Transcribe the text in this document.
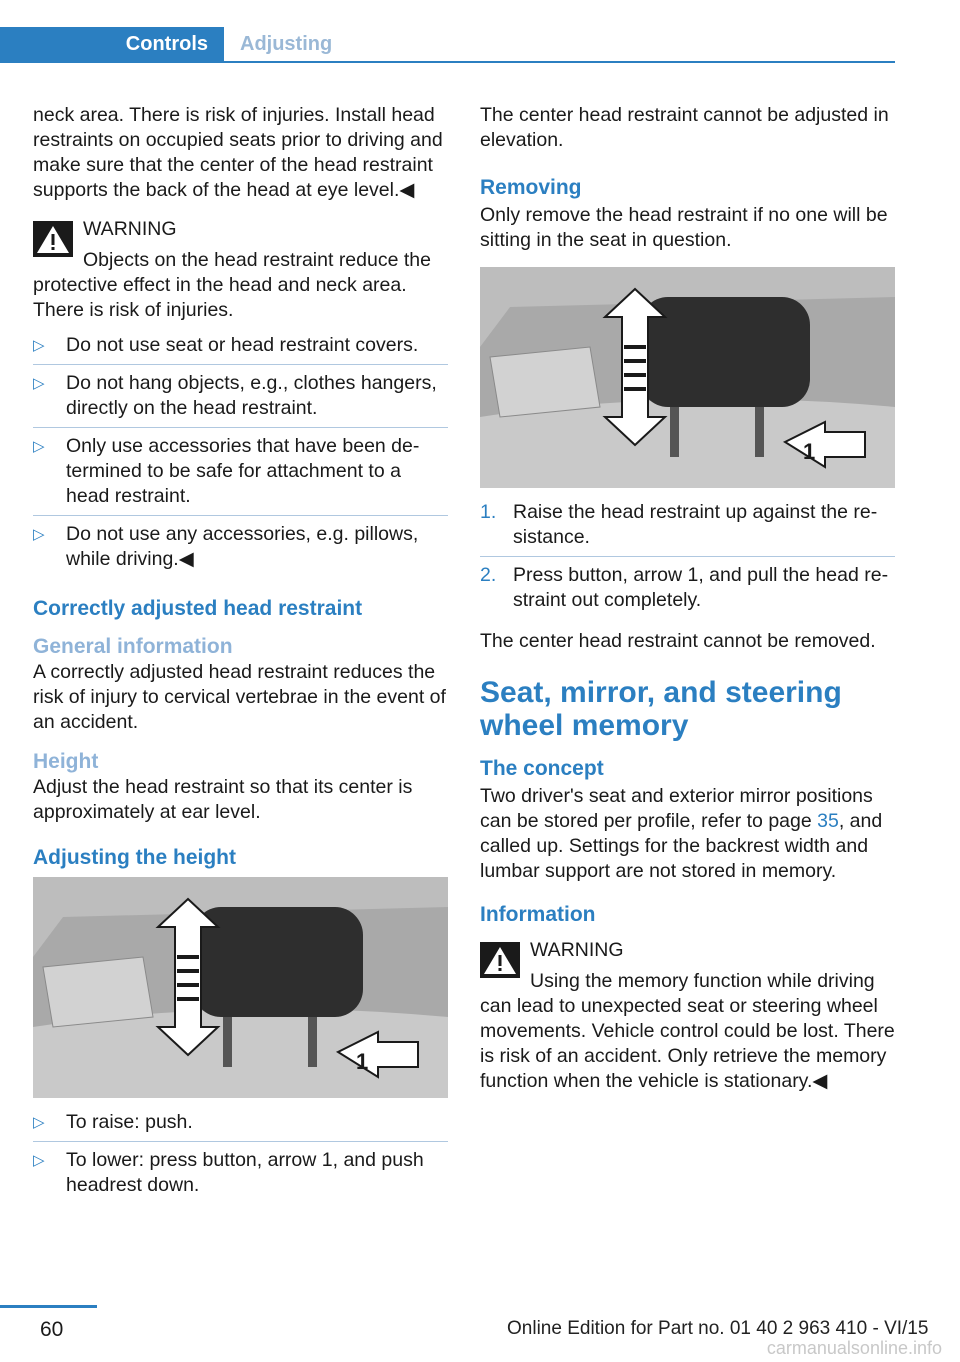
Controls	Adjusting

neck area. There is risk of injuries. Install head restraints on occupied seats prior to driving and make sure that the center of the head restraint supports the back of the head at eye level.◀

WARNING
Objects on the head restraint reduce the protective effect in the head and neck area. There is risk of injuries.
▷ Do not use seat or head restraint covers.
▷ Do not hang objects, e.g., clothes hangers, directly on the head restraint.
▷ Only use accessories that have been determined to be safe for attachment to a head restraint.
▷ Do not use any accessories, e.g. pillows, while driving.◀
Correctly adjusted head restraint
General information

A correctly adjusted head restraint reduces the risk of injury to cervical vertebrae in the event of an accident.

Height

Adjust the head restraint so that its center is approximately at ear level.

Adjusting the height
1
▷ To raise: push.
▷ To lower: press button, arrow 1, and push headrest down.

The center head restraint cannot be adjusted in elevation.

Removing

Only remove the head restraint if no one will be sitting in the seat in question.

1
1. Raise the head restraint up against the resistance.
2. Press button, arrow 1, and pull the head restraint out completely.

The center head restraint cannot be removed.

Seat, mirror, and steering wheel memory
The concept

Two driver's seat and exterior mirror positions can be stored per profile, refer to page 35, and called up. Settings for the backrest width and lumbar support are not stored in memory.

Information
WARNING
Using the memory function while driving can lead to unexpected seat or steering wheel movements. Vehicle control could be lost. There is risk of an accident. Only retrieve the memory function when the vehicle is stationary.◀
60	Online Edition for Part no. 01 40 2 963 410 - VI/15
carmanualsonline.info
